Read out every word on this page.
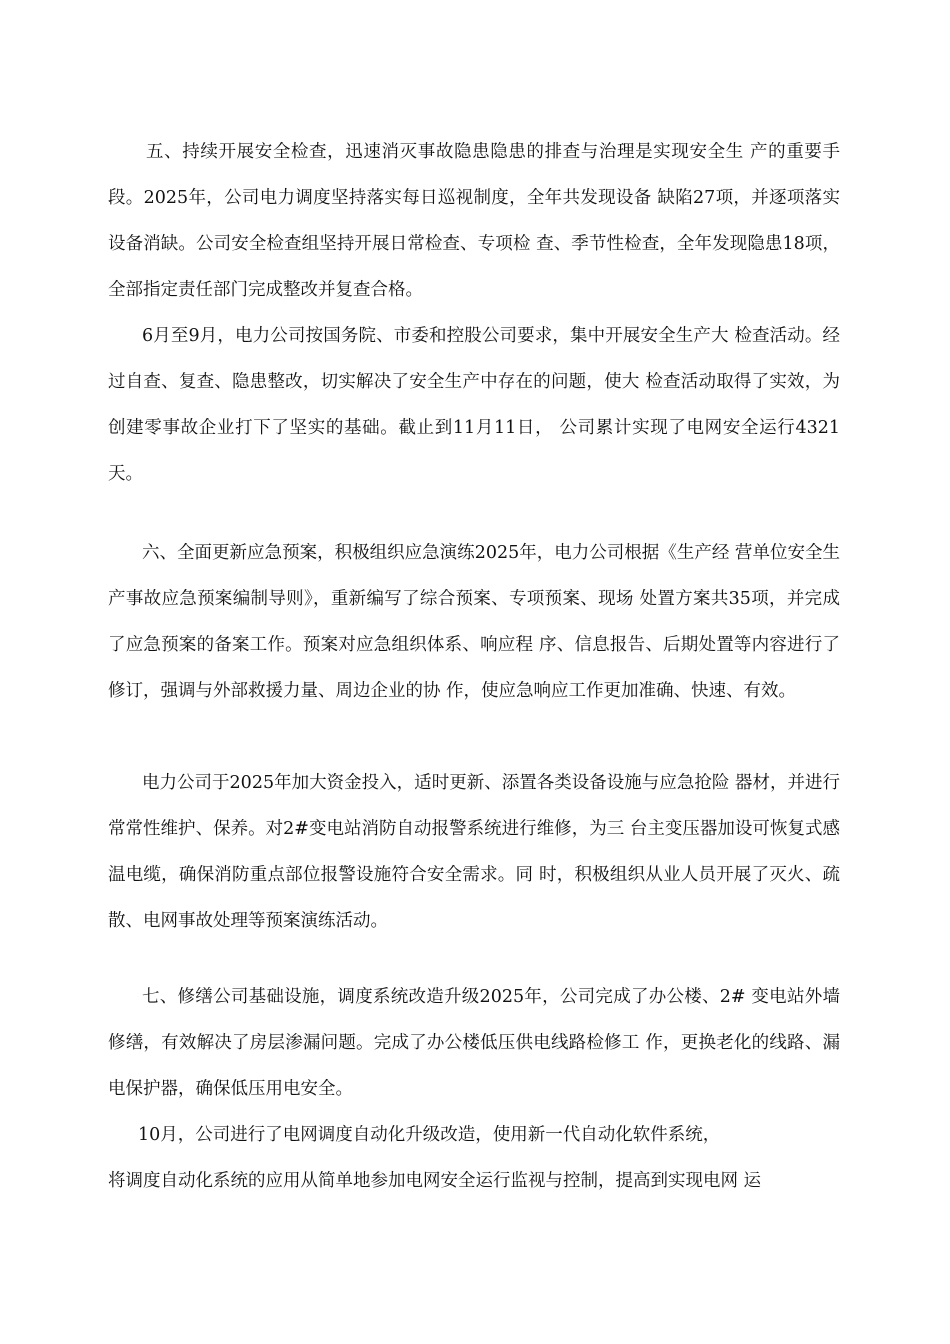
五、持续开展安全检查，迅速消灭事故隐患隐患的排查与治理是实现安全生 产的重要手段。2025年，公司电力调度坚持落实每日巡视制度，全年共发现设备 缺陷27项，并逐项落实设备消缺。公司安全检查组坚持开展日常检查、专项检 查、季节性检查，全年发现隐患18项，全部指定责任部门完成整改并复查合格。

6月至9月，电力公司按国务院、市委和控股公司要求，集中开展安全生产大 检查活动。经过自查、复查、隐患整改，切实解决了安全生产中存在的问题，使大 检查活动取得了实效，为创建零事故企业打下了坚实的基础。截止到11月11日， 公司累计实现了电网安全运行4321天。

六、全面更新应急预案，积极组织应急演练2025年，电力公司根据《生产经 营单位安全生产事故应急预案编制导则》，重新编写了综合预案、专项预案、现场 处置方案共35项，并完成了应急预案的备案工作。预案对应急组织体系、响应程 序、信息报告、后期处置等内容进行了修订，强调与外部救援力量、周边企业的协 作，使应急响应工作更加准确、快速、有效。

电力公司于2025年加大资金投入，适时更新、添置各类设备设施与应急抢险 器材，并进行常常性维护、保养。对2#变电站消防自动报警系统进行维修，为三 台主变压器加设可恢复式感温电缆，确保消防重点部位报警设施符合安全需求。同 时，积极组织从业人员开展了灭火、疏散、电网事故处理等预案演练活动。

七、修缮公司基础设施，调度系统改造升级2025年，公司完成了办公楼、2# 变电站外墙修缮，有效解决了房层渗漏问题。完成了办公楼低压供电线路检修工 作，更换老化的线路、漏电保护器，确保低压用电安全。

10月，公司进行了电网调度自动化升级改造，使用新一代自动化软件系统，

将调度自动化系统的应用从简单地参加电网安全运行监视与控制，提高到实现电网 运
